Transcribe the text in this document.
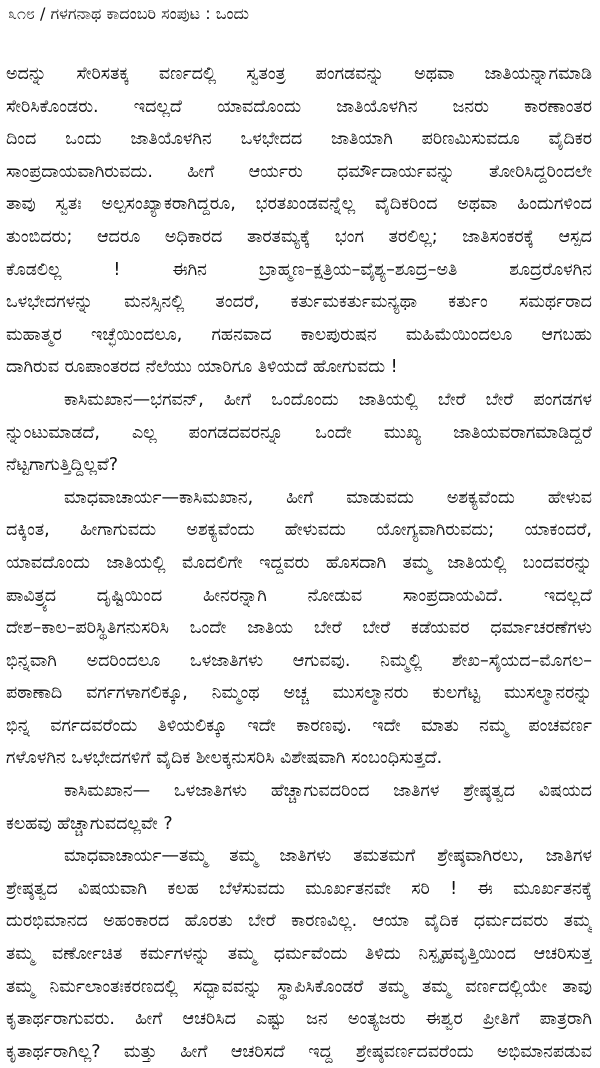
೩೧೮ / ಗಳಗನಾಥ ಕಾದಂಬರಿ ಸಂಪುಟ : ಒಂದು
ಅದನ್ನು ಸೇರಿಸತಕ್ಕ ವರ್ಣದಲ್ಲಿ ಸ್ವತಂತ್ರ ಪಂಗಡವನ್ನು ಅಥವಾ ಜಾತಿಯನ್ನಾಗಮಾಡಿ
ಸೇರಿಸಿಕೊಂಡರು. ಇದಲ್ಲದೆ ಯಾವದೊಂದು ಜಾತಿಯೊಳಗಿನ ಜನರು ಕಾರಣಾಂತರ
ದಿಂದ ಒಂದು ಜಾತಿಯೊಳಗಿನ ಒಳಭೇದದ ಜಾತಿಯಾಗಿ ಪರಿಣಮಿಸುವದೂ ವೈದಿಕರ
ಸಾಂಪ್ರದಾಯವಾಗಿರುವದು. ಹೀಗೆ ಆರ್ಯರು ಧರ್ಮೌದಾರ್ಯವನ್ನು ತೋರಿಸಿದ್ದರಿಂದಲೇ
ತಾವು ಸ್ವತಃ ಅಲ್ಪಸಂಖ್ಯಾಕರಾಗಿದ್ದರೂ, ಭರತಖಂಡವನ್ನೆಲ್ಲ ವೈದಿಕರಿಂದ ಅಥವಾ ಹಿಂದುಗಳಿಂದ
ತುಂಬಿದರು; ಆದರೂ ಅಧಿಕಾರದ ತಾರತಮ್ಯಕ್ಕೆ ಭಂಗ ತರಲಿಲ್ಲ; ಜಾತಿಸಂಕರಕ್ಕೆ ಆಸ್ಪದ
ಕೊಡಲಿಲ್ಲ ! ಈಗಿನ ಬ್ರಾಹ್ಮಣ–ಕ್ಷತ್ರಿಯ–ವೈಶ್ಯ–ಶೂದ್ರ–ಅತಿ ಶೂದ್ರರೊಳಗಿನ
ಒಳಭೇದಗಳನ್ನು ಮನಸ್ಸಿನಲ್ಲಿ ತಂದರೆ, ಕರ್ತುಮಕರ್ತುಮನ್ಯಥಾ ಕರ್ತುಂ ಸಮರ್ಥರಾದ
ಮಹಾತ್ಮರ ಇಚ್ಛೆಯಿಂದಲೂ, ಗಹನವಾದ ಕಾಲಪುರುಷನ ಮಹಿಮೆಯಿಂದಲೂ ಆಗಬಹು
ದಾಗಿರುವ ರೂಪಾಂತರದ ನೆಲೆಯು ಯಾರಿಗೂ ತಿಳಿಯದೆ ಹೋಗುವದು !
ಕಾಸಿಮಖಾನ—ಭಗವನ್, ಹೀಗೆ ಒಂದೊಂದು ಜಾತಿಯಲ್ಲಿ ಬೇರೆ ಬೇರೆ ಪಂಗಡಗಳ
ನ್ನುಂಟುಮಾಡದೆ, ಎಲ್ಲ ಪಂಗಡದವರನ್ನೂ ಒಂದೇ ಮುಖ್ಯ ಜಾತಿಯವರಾಗಮಾಡಿದ್ದರೆ
ನೆಟ್ಟಗಾಗುತ್ತಿದ್ದಿಲ್ಲವೆ?
ಮಾಧವಾಚಾರ್ಯ—ಕಾಸಿಮಖಾನ, ಹೀಗೆ ಮಾಡುವದು ಅಶಕ್ಯವೆಂದು ಹೇಳುವ
ದಕ್ಕಿಂತ, ಹೀಗಾಗುವದು ಅಶಕ್ಯವೆಂದು ಹೇಳುವದು ಯೋಗ್ಯವಾಗಿರುವದು; ಯಾಕಂದರೆ,
ಯಾವದೊಂದು ಜಾತಿಯಲ್ಲಿ ಮೊದಲಿಗೇ ಇದ್ದವರು ಹೊಸದಾಗಿ ತಮ್ಮ ಜಾತಿಯಲ್ಲಿ ಬಂದವರನ್ನು
ಪಾವಿತ್ರ್ಯದ ದೃಷ್ಟಿಯಿಂದ ಹೀನರನ್ನಾಗಿ ನೋಡುವ ಸಾಂಪ್ರದಾಯವಿದೆ. ಇದಲ್ಲದೆ
ದೇಶ–ಕಾಲ–ಪರಿಸ್ಥಿತಿಗನುಸರಿಸಿ ಒಂದೇ ಜಾತಿಯ ಬೇರೆ ಬೇರೆ ಕಡೆಯವರ ಧರ್ಮಾಚರಣೆಗಳು
ಭಿನ್ನವಾಗಿ ಅದರಿಂದಲೂ ಒಳಜಾತಿಗಳು ಆಗುವವು. ನಿಮ್ಮಲ್ಲಿ ಶೇಖ–ಸೈಯದ–ಮೊಗಲ–
ಪಠಾಣಾದಿ ವರ್ಗಗಳಾಗಲಿಕ್ಕೂ, ನಿಮ್ಮಂಥ ಅಚ್ಚ ಮುಸಲ್ಮಾನರು ಕುಲಗೆಟ್ಟ ಮುಸಲ್ಮಾನರನ್ನು
ಭಿನ್ನ ವರ್ಗದವರೆಂದು ತಿಳಿಯಲಿಕ್ಕೂ ಇದೇ ಕಾರಣವು. ಇದೇ ಮಾತು ನಮ್ಮ ಪಂಚವರ್ಣ
ಗಳೊಳಗಿನ ಒಳಭೇದಗಳಿಗೆ ವೈದಿಕ ಶೀಲಕ್ಕನುಸರಿಸಿ ವಿಶೇಷವಾಗಿ ಸಂಬಂಧಿಸುತ್ತದೆ.
ಕಾಸಿಮಖಾನ— ಒಳಜಾತಿಗಳು ಹೆಚ್ಚಾಗುವದರಿಂದ ಜಾತಿಗಳ ಶ್ರೇಷ್ಠತ್ವದ ವಿಷಯದ
ಕಲಹವು ಹೆಚ್ಚಾಗುವದಲ್ಲವೇ ?
ಮಾಧವಾಚಾರ್ಯ—ತಮ್ಮ ತಮ್ಮ ಜಾತಿಗಳು ತಮತಮಗೆ ಶ್ರೇಷ್ಠವಾಗಿರಲು, ಜಾತಿಗಳ
ಶ್ರೇಷ್ಠತ್ವದ ವಿಷಯವಾಗಿ ಕಲಹ ಬೆಳೆಸುವದು ಮೂರ್ಖತನವೇ ಸರಿ ! ಈ ಮೂರ್ಖತನಕ್ಕೆ
ದುರಭಿಮಾನದ ಅಹಂಕಾರದ ಹೊರತು ಬೇರೆ ಕಾರಣವಿಲ್ಲ. ಆಯಾ ವೈದಿಕ ಧರ್ಮದವರು ತಮ್ಮ
ತಮ್ಮ ವರ್ಣೋಚಿತ ಕರ್ಮಗಳನ್ನು ತಮ್ಮ ಧರ್ಮವೆಂದು ತಿಳಿದು ನಿಸ್ಪೃಹವೃತ್ತಿಯಿಂದ ಆಚರಿಸುತ್ತ
ತಮ್ಮ ನಿರ್ಮಲಾಂತಃಕರಣದಲ್ಲಿ ಸದ್ಭಾವವನ್ನು ಸ್ಥಾಪಿಸಿಕೊಂಡರೆ ತಮ್ಮ ತಮ್ಮ ವರ್ಣದಲ್ಲಿಯೇ ತಾವು
ಕೃತಾರ್ಥರಾಗುವರು. ಹೀಗೆ ಆಚರಿಸಿದ ಎಷ್ಟು ಜನ ಅಂತ್ಯಜರು ಈಶ್ವರ ಪ್ರೀತಿಗೆ ಪಾತ್ರರಾಗಿ
ಕೃತಾರ್ಥರಾಗಿಲ್ಲ? ಮತ್ತು ಹೀಗೆ ಆಚರಿಸದೆ ಇದ್ದ ಶ್ರೇಷ್ಠವರ್ಣದವರೆಂದು ಅಭಿಮಾನಪಡುವ
